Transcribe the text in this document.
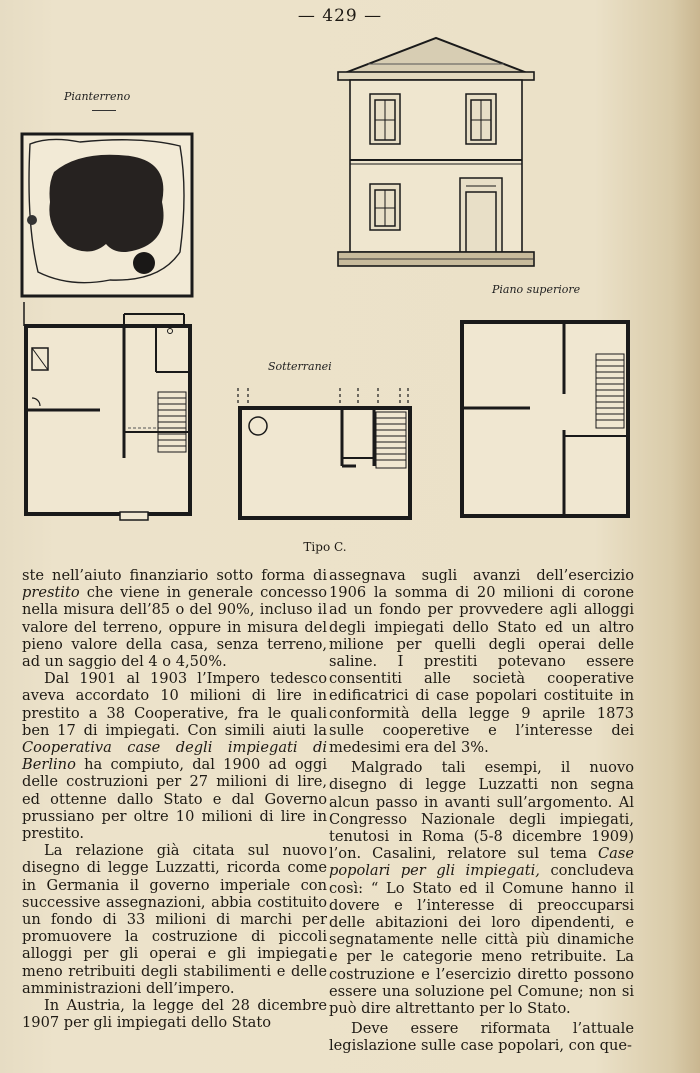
— 429 —
Pianterreno
Piano superiore
Sotterranei
Tipo C.

ste nell’aiuto finanziario sotto forma di prestito che viene in generale concesso nella misura dell’85 o del 90%, incluso il valore del terreno, oppure in misura del pieno valore della casa, senza terreno, ad un saggio del 4 o 4,50%.

Dal 1901 al 1903 l’Impero tedesco aveva accordato 10 milioni di lire in prestito a 38 Cooperative, fra le quali ben 17 di impiegati. Con simili aiuti la Cooperativa case degli impiegati di Berlino ha compiuto, dal 1900 ad oggi delle costruzioni per 27 milioni di lire, ed ottenne dallo Stato e dal Governo prussiano per oltre 10 milioni di lire in prestito.

La relazione già citata sul nuovo disegno di legge Luzzatti, ricorda come in Germania il governo imperiale con successive assegnazioni, abbia costituito un fondo di 33 milioni di marchi per promuovere la costruzione di piccoli alloggi per gli operai e gli impiegati meno retribuiti degli stabilimenti e delle amministrazioni dell’impero.

In Austria, la legge del 28 dicembre 1907 per gli impiegati dello Stato

assegnava sugli avanzi dell’esercizio 1906 la somma di 20 milioni di corone ad un fondo per provvedere agli alloggi degli impiegati dello Stato ed un altro milione per quelli degli operai delle saline. I prestiti potevano essere consentiti alle società cooperative edificatrici di case popolari costituite in conformità della legge 9 aprile 1873 sulle cooperetive e l’interesse dei medesimi era del 3%.

Malgrado tali esempi, il nuovo disegno di legge Luzzatti non segna alcun passo in avanti sull’argomento. Al Congresso Nazionale degli impiegati, tenutosi in Roma (5-8 dicembre 1909) l’on. Casalini, relatore sul tema Case popolari per gli impiegati, concludeva così: “ Lo Stato ed il Comune hanno il dovere e l’interesse di preoccuparsi delle abitazioni dei loro dipendenti, e segnatamente nelle città più dinamiche e per le categorie meno retribuite. La costruzione e l’esercizio diretto possono essere una soluzione pel Comune; non si può dire altrettanto per lo Stato.

Deve essere riformata l’attuale legislazione sulle case popolari, con que-
